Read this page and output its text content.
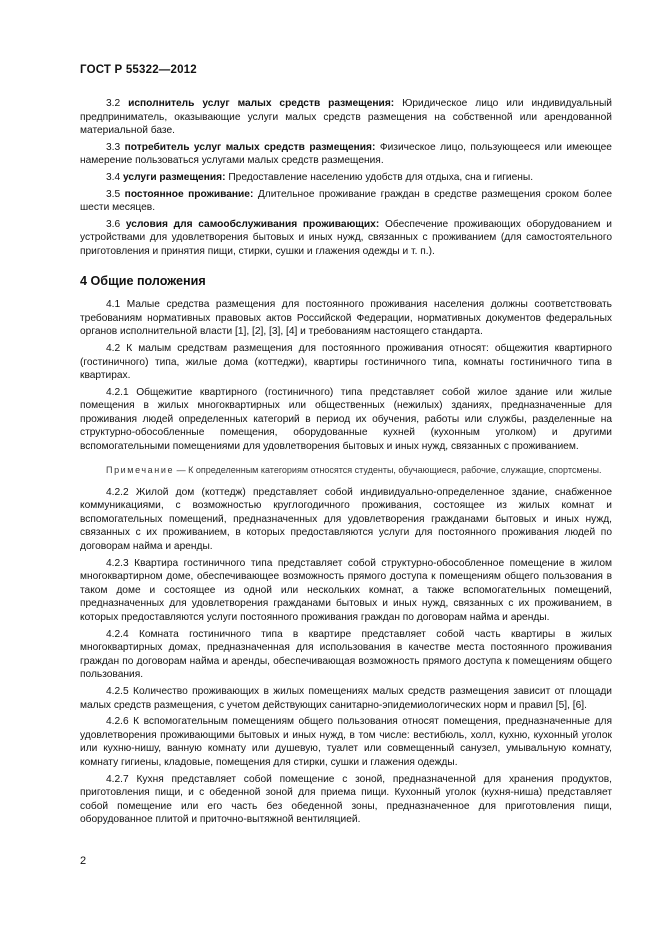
ГОСТ Р 55322—2012

3.2 исполнитель услуг малых средств размещения: Юридическое лицо или индивидуальный предприниматель, оказывающие услуги малых средств размещения на собственной или арендованной материальной базе.

3.3 потребитель услуг малых средств размещения: Физическое лицо, пользующееся или имеющее намерение пользоваться услугами малых средств размещения.

3.4 услуги размещения: Предоставление населению удобств для отдыха, сна и гигиены.

3.5 постоянное проживание: Длительное проживание граждан в средстве размещения сроком более шести месяцев.

3.6 условия для самообслуживания проживающих: Обеспечение проживающих оборудованием и устройствами для удовлетворения бытовых и иных нужд, связанных с проживанием (для самостоятельного приготовления и принятия пищи, стирки, сушки и глажения одежды и т. п.).

4 Общие положения

4.1 Малые средства размещения для постоянного проживания населения должны соответствовать требованиям нормативных правовых актов Российской Федерации, нормативных документов федеральных органов исполнительной власти [1], [2], [3], [4] и требованиям настоящего стандарта.

4.2 К малым средствам размещения для постоянного проживания относят: общежития квартирного (гостиничного) типа, жилые дома (коттеджи), квартиры гостиничного типа, комнаты гостиничного типа в квартирах.

4.2.1 Общежитие квартирного (гостиничного) типа представляет собой жилое здание или жилые помещения в жилых многоквартирных или общественных (нежилых) зданиях, предназначенные для проживания людей определенных категорий в период их обучения, работы или службы, разделенные на структурно-обособленные помещения, оборудованные кухней (кухонным уголком) и другими вспомогательными помещениями для удовлетворения бытовых и иных нужд, связанных с проживанием.

Примечание — К определенным категориям относятся студенты, обучающиеся, рабочие, служащие, спортсмены.

4.2.2 Жилой дом (коттедж) представляет собой индивидуально-определенное здание, снабженное коммуникациями, с возможностью круглогодичного проживания, состоящее из жилых комнат и вспомогательных помещений, предназначенных для удовлетворения гражданами бытовых и иных нужд, связанных с их проживанием, в которых предоставляются услуги для постоянного проживания людей по договорам найма и аренды.

4.2.3 Квартира гостиничного типа представляет собой структурно-обособленное помещение в жилом многоквартирном доме, обеспечивающее возможность прямого доступа к помещениям общего пользования в таком доме и состоящее из одной или нескольких комнат, а также вспомогательных помещений, предназначенных для удовлетворения гражданами бытовых и иных нужд, связанных с их проживанием, в которых предоставляются услуги постоянного проживания граждан по договорам найма и аренды.

4.2.4 Комната гостиничного типа в квартире представляет собой часть квартиры в жилых многоквартирных домах, предназначенная для использования в качестве места постоянного проживания граждан по договорам найма и аренды, обеспечивающая возможность прямого доступа к помещениям общего пользования.

4.2.5 Количество проживающих в жилых помещениях малых средств размещения зависит от площади малых средств размещения, с учетом действующих санитарно-эпидемиологических норм и правил [5], [6].

4.2.6 К вспомогательным помещениям общего пользования относят помещения, предназначенные для удовлетворения проживающими бытовых и иных нужд, в том числе: вестибюль, холл, кухню, кухонный уголок или кухню-нишу, ванную комнату или душевую, туалет или совмещенный санузел, умывальную комнату, комнату гигиены, кладовые, помещения для стирки, сушки и глажения одежды.

4.2.7 Кухня представляет собой помещение с зоной, предназначенной для хранения продуктов, приготовления пищи, и с обеденной зоной для приема пищи. Кухонный уголок (кухня-ниша) представляет собой помещение или его часть без обеденной зоны, предназначенное для приготовления пищи, оборудованное плитой и приточно-вытяжной вентиляцией.

2
